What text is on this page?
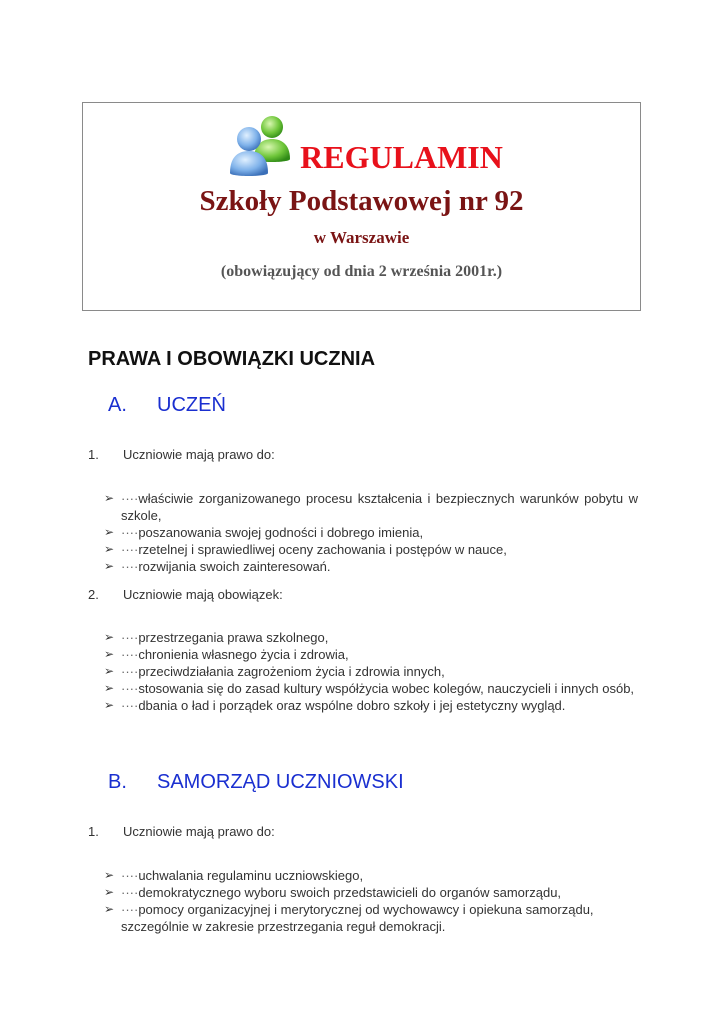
REGULAMIN
Szkoły Podstawowej nr 92
w Warszawie
(obowiązujący od dnia 2 września 2001r.)
PRAWA I OBOWIĄZKI UCZNIA
A. UCZEŃ
1. Uczniowie mają prawo do:
➢ ····właściwie zorganizowanego procesu kształcenia i bezpiecznych warunków pobytu w szkole,
➢ ····poszanowania swojej godności i dobrego imienia,
➢ ····rzetelnej i sprawiedliwej oceny zachowania i postępów w nauce,
➢ ····rozwijania swoich zainteresowań.
2. Uczniowie mają obowiązek:
➢ ····przestrzegania prawa szkolnego,
➢ ····chronienia własnego życia i zdrowia,
➢ ····przeciwdziałania zagrożeniom życia i zdrowia innych,
➢ ····stosowania się do zasad kultury współżycia wobec kolegów, nauczycieli i innych osób,
➢ ····dbania o ład i porządek oraz wspólne dobro szkoły i jej estetyczny wygląd.
B. SAMORZĄD UCZNIOWSKI
1. Uczniowie mają prawo do:
➢ ····uchwalania regulaminu uczniowskiego,
➢ ····demokratycznego wyboru swoich przedstawicieli do organów samorządu,
➢ ····pomocy organizacyjnej i merytorycznej od wychowawcy i opiekuna samorządu, szczególnie w zakresie przestrzegania reguł demokracji.
